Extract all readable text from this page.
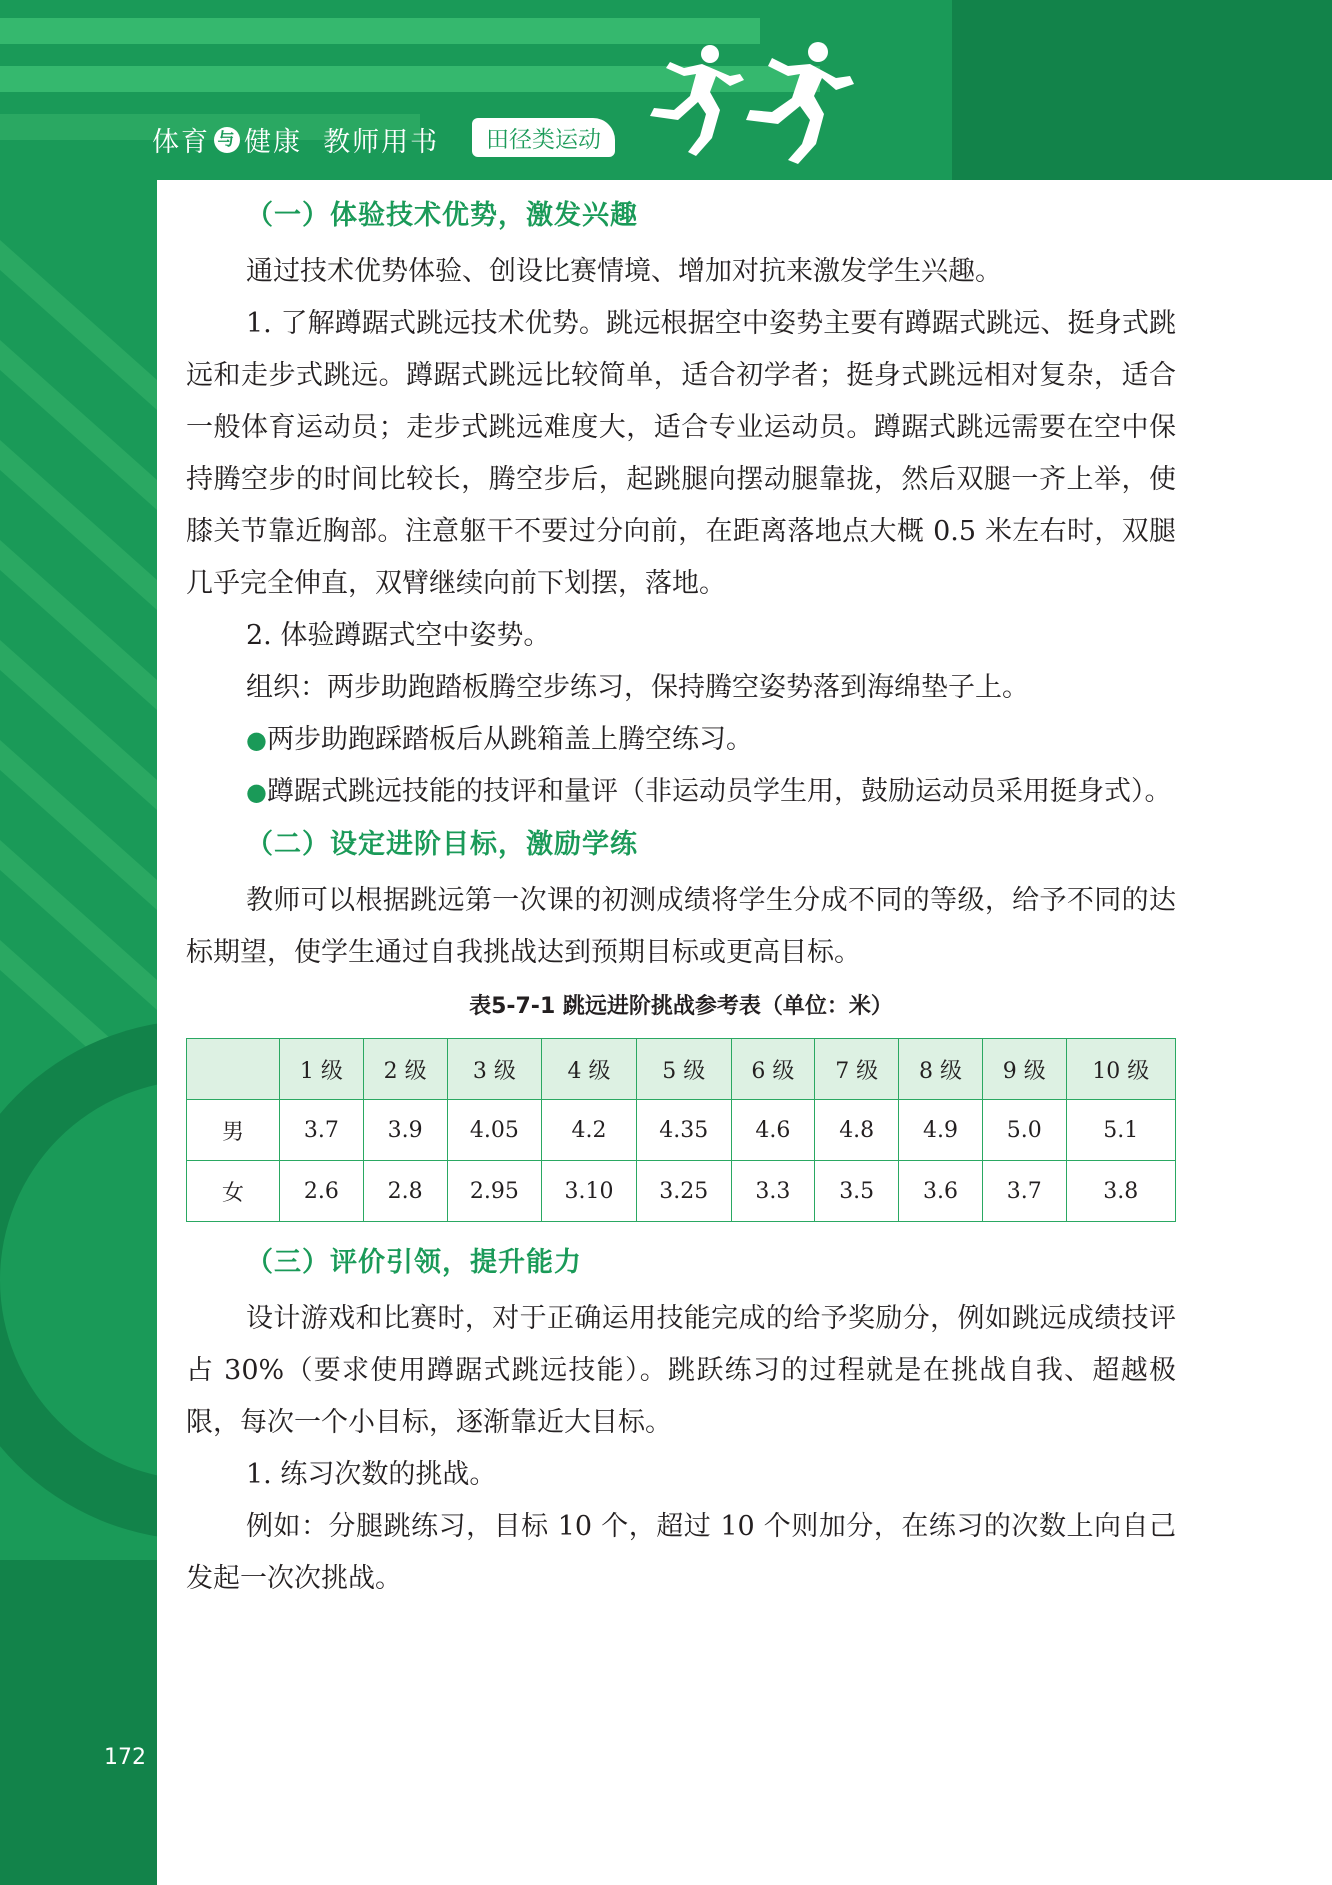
体育 与 健康  教师用书	田径类运动
172
（一）体验技术优势，激发兴趣

通过技术优势体验、创设比赛情境、增加对抗来激发学生兴趣。

1. 了解蹲踞式跳远技术优势。跳远根据空中姿势主要有蹲踞式跳远、挺身式跳远和走步式跳远。蹲踞式跳远比较简单，适合初学者；挺身式跳远相对复杂，适合一般体育运动员；走步式跳远难度大，适合专业运动员。蹲踞式跳远需要在空中保持腾空步的时间比较长，腾空步后，起跳腿向摆动腿靠拢，然后双腿一齐上举，使膝关节靠近胸部。注意躯干不要过分向前，在距离落地点大概 0.5 米左右时，双腿几乎完全伸直，双臂继续向前下划摆，落地。

2. 体验蹲踞式空中姿势。

组织：两步助跑踏板腾空步练习，保持腾空姿势落到海绵垫子上。

●两步助跑踩踏板后从跳箱盖上腾空练习。

●蹲踞式跳远技能的技评和量评（非运动员学生用，鼓励运动员采用挺身式）。

（二）设定进阶目标，激励学练

教师可以根据跳远第一次课的初测成绩将学生分成不同的等级，给予不同的达标期望，使学生通过自我挑战达到预期目标或更高目标。

表5-7-1 跳远进阶挑战参考表（单位：米）
	1 级	2 级	3 级	4 级	5 级	6 级	7 级	8 级	9 级	10 级
男	3.7	3.9	4.05	4.2	4.35	4.6	4.8	4.9	5.0	5.1
女	2.6	2.8	2.95	3.10	3.25	3.3	3.5	3.6	3.7	3.8
（三）评价引领，提升能力

设计游戏和比赛时，对于正确运用技能完成的给予奖励分，例如跳远成绩技评占 30%（要求使用蹲踞式跳远技能）。跳跃练习的过程就是在挑战自我、超越极限，每次一个小目标，逐渐靠近大目标。

1. 练习次数的挑战。

例如：分腿跳练习，目标 10 个，超过 10 个则加分，在练习的次数上向自己发起一次次挑战。
